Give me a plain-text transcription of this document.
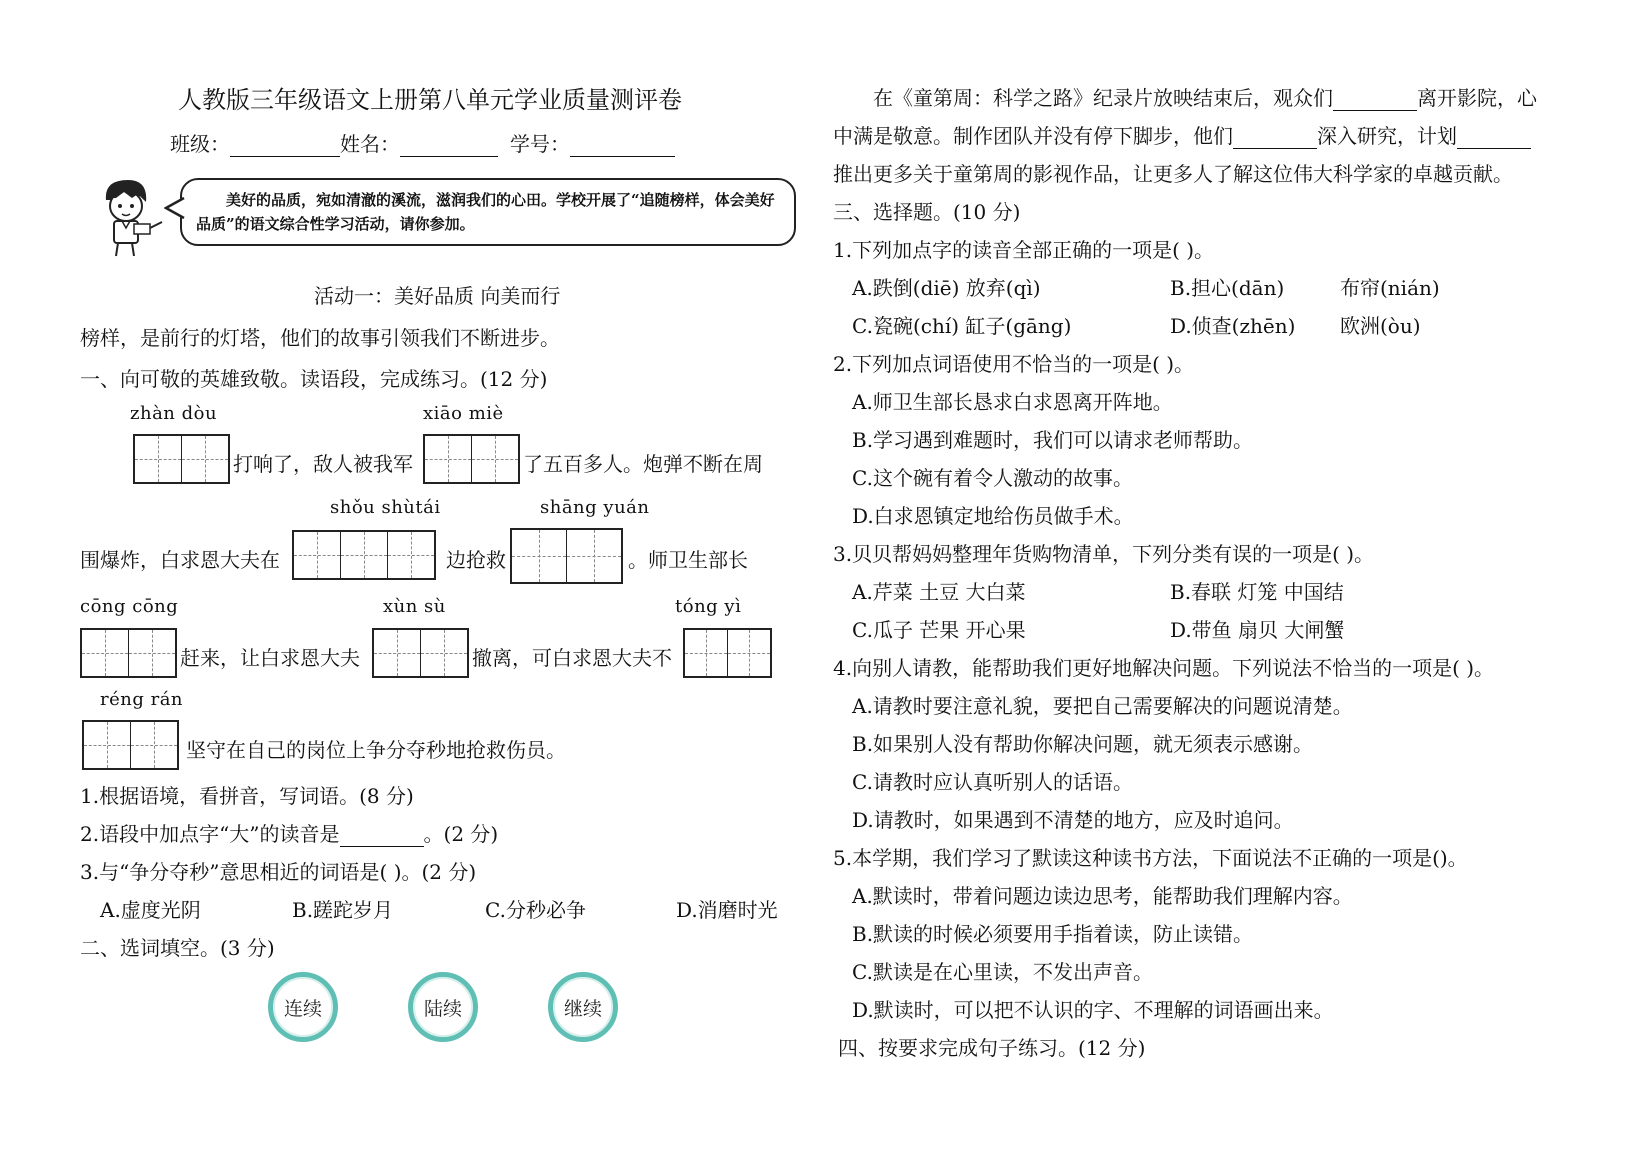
人教版三年级语文上册第八单元学业质量测评卷
班级：	姓名：	学号：
美好的品质，宛如清澈的溪流，滋润我们的心田。学校开展了“追随榜样，体会美好品质”的语文综合性学习活动，请你参加。
活动一：美好品质 向美而行
榜样，是前行的灯塔，他们的故事引领我们不断进步。
一、向可敬的英雄致敬。读语段，完成练习。(12 分)
zhàn dòu	xiāo miè
打响了，敌人被我军	了五百多人。炮弹不断在周
shǒu shùtái	shāng yuán
围爆炸，白求恩大夫在	边抢救	。师卫生部长
cōng cōng	xùn sù	tóng yì
赶来，让白求恩大夫	撤离，可白求恩大夫不
réng rán
坚守在自己的岗位上争分夺秒地抢救伤员。
1.根据语境，看拼音，写词语。(8 分)
2.语段中加点字“大”的读音是	。(2 分)
3.与“争分夺秒”意思相近的词语是( )。(2 分)
A.虚度光阴	B.蹉跎岁月	C.分秒必争	D.消磨时光
二、选词填空。(3 分)
连续	陆续	继续
在《童第周：科学之路》纪录片放映结束后，观众们	离开影院，心
中满是敬意。制作团队并没有停下脚步，他们	深入研究，计划
推出更多关于童第周的影视作品，让更多人了解这位伟大科学家的卓越贡献。
三、选择题。(10 分)
1.下列加点字的读音全部正确的一项是( )。
A.跌倒(diē) 放弃(qì)	B.担心(dān)	布帘(nián)
C.瓷碗(chí) 缸子(gāng)	D.侦查(zhēn) 欧洲(òu)
2.下列加点词语使用不恰当的一项是( )。
A.师卫生部长恳求白求恩离开阵地。
B.学习遇到难题时，我们可以请求老师帮助。
C.这个碗有着令人激动的故事。
D.白求恩镇定地给伤员做手术。
3.贝贝帮妈妈整理年货购物清单，下列分类有误的一项是( )。
A.芹菜 土豆 大白菜	B.春联 灯笼 中国结
C.瓜子 芒果 开心果	D.带鱼 扇贝 大闸蟹
4.向别人请教，能帮助我们更好地解决问题。下列说法不恰当的一项是( )。
A.请教时要注意礼貌，要把自己需要解决的问题说清楚。
B.如果别人没有帮助你解决问题，就无须表示感谢。
C.请教时应认真听别人的话语。
D.请教时，如果遇到不清楚的地方，应及时追问。
5.本学期，我们学习了默读这种读书方法，下面说法不正确的一项是()。
A.默读时，带着问题边读边思考，能帮助我们理解内容。
B.默读的时候必须要用手指着读，防止读错。
C.默读是在心里读，不发出声音。
D.默读时，可以把不认识的字、不理解的词语画出来。
四、按要求完成句子练习。(12 分)
